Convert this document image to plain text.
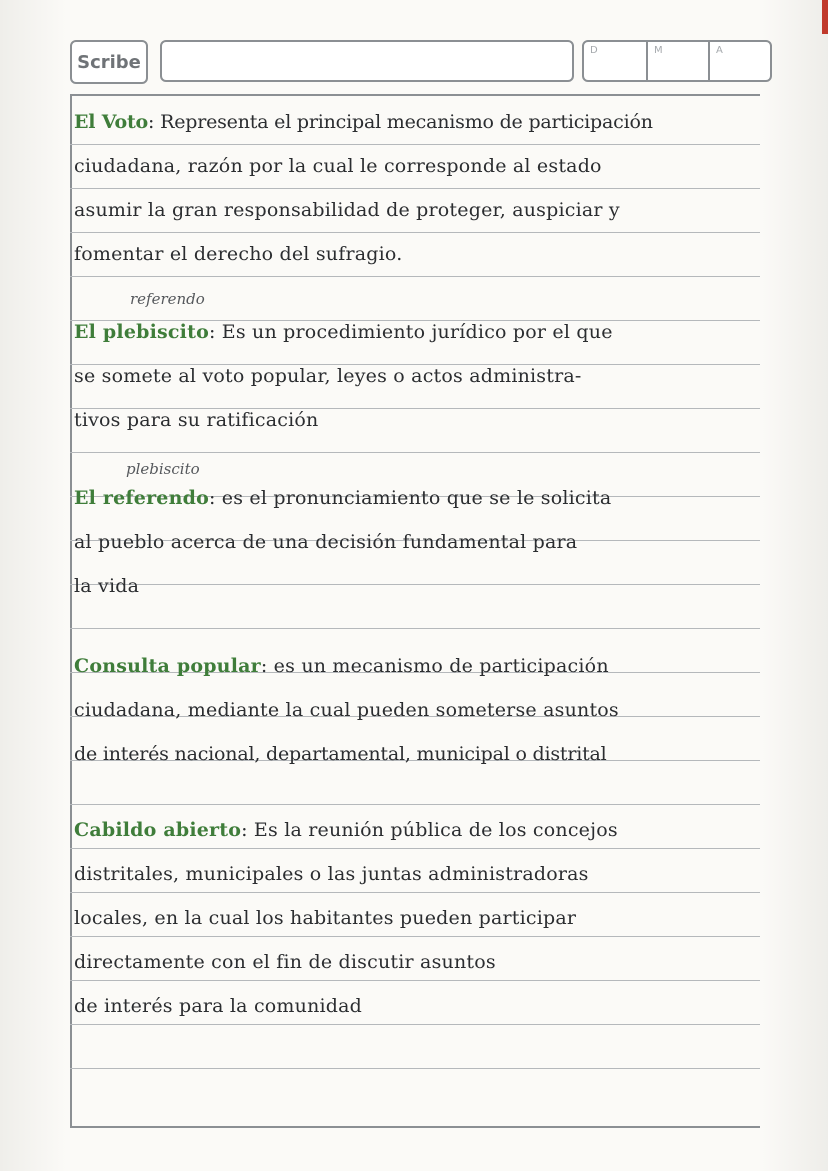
Scribe
D	M	A
El Voto: Representa el principal mecanismo de participación
ciudadana, razón por la cual le corresponde al estado
asumir la gran responsabilidad de proteger, auspiciar y
fomentar el derecho del sufragio.
referendo
El plebiscito: Es un procedimiento jurídico por el que
se somete al voto popular, leyes o actos administra-
tivos para su ratificación
plebiscito
El referendo: es el pronunciamiento que se le solicita
al pueblo acerca de una decisión fundamental para
la vida
Consulta popular: es un mecanismo de participación
ciudadana, mediante la cual pueden someterse asuntos
de interés nacional, departamental, municipal o distrital
Cabildo abierto: Es la reunión pública de los concejos
distritales, municipales o las juntas administradoras
locales, en la cual los habitantes pueden participar
directamente con el fin de discutir asuntos
de interés para la comunidad
